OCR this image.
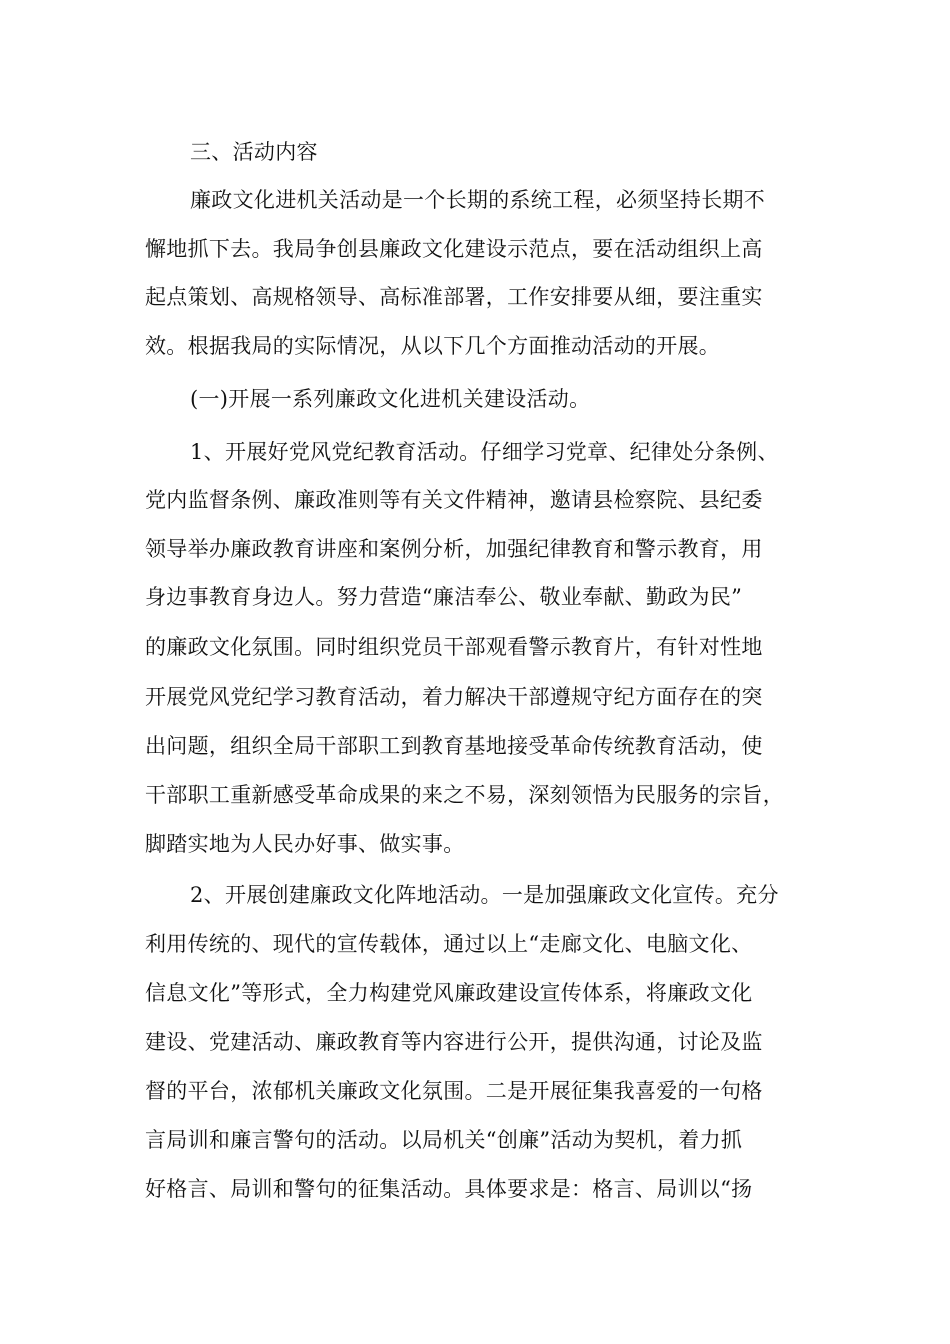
三、活动内容
廉政文化进机关活动是一个长期的系统工程，必须坚持长期不
懈地抓下去。我局争创县廉政文化建设示范点，要在活动组织上高
起点策划、高规格领导、高标准部署，工作安排要从细，要注重实
效。根据我局的实际情况，从以下几个方面推动活动的开展。
(一)开展一系列廉政文化进机关建设活动。
1、开展好党风党纪教育活动。仔细学习党章、纪律处分条例、
党内监督条例、廉政准则等有关文件精神，邀请县检察院、县纪委
领导举办廉政教育讲座和案例分析，加强纪律教育和警示教育，用
身边事教育身边人。努力营造“廉洁奉公、敬业奉献、勤政为民”
的廉政文化氛围。同时组织党员干部观看警示教育片，有针对性地
开展党风党纪学习教育活动，着力解决干部遵规守纪方面存在的突
出问题，组织全局干部职工到教育基地接受革命传统教育活动，使
干部职工重新感受革命成果的来之不易，深刻领悟为民服务的宗旨，
脚踏实地为人民办好事、做实事。
2、开展创建廉政文化阵地活动。一是加强廉政文化宣传。充分
利用传统的、现代的宣传载体，通过以上“走廊文化、电脑文化、
信息文化”等形式，全力构建党风廉政建设宣传体系，将廉政文化
建设、党建活动、廉政教育等内容进行公开，提供沟通，讨论及监
督的平台，浓郁机关廉政文化氛围。二是开展征集我喜爱的一句格
言局训和廉言警句的活动。以局机关“创廉”活动为契机，着力抓
好格言、局训和警句的征集活动。具体要求是：格言、局训以“扬
